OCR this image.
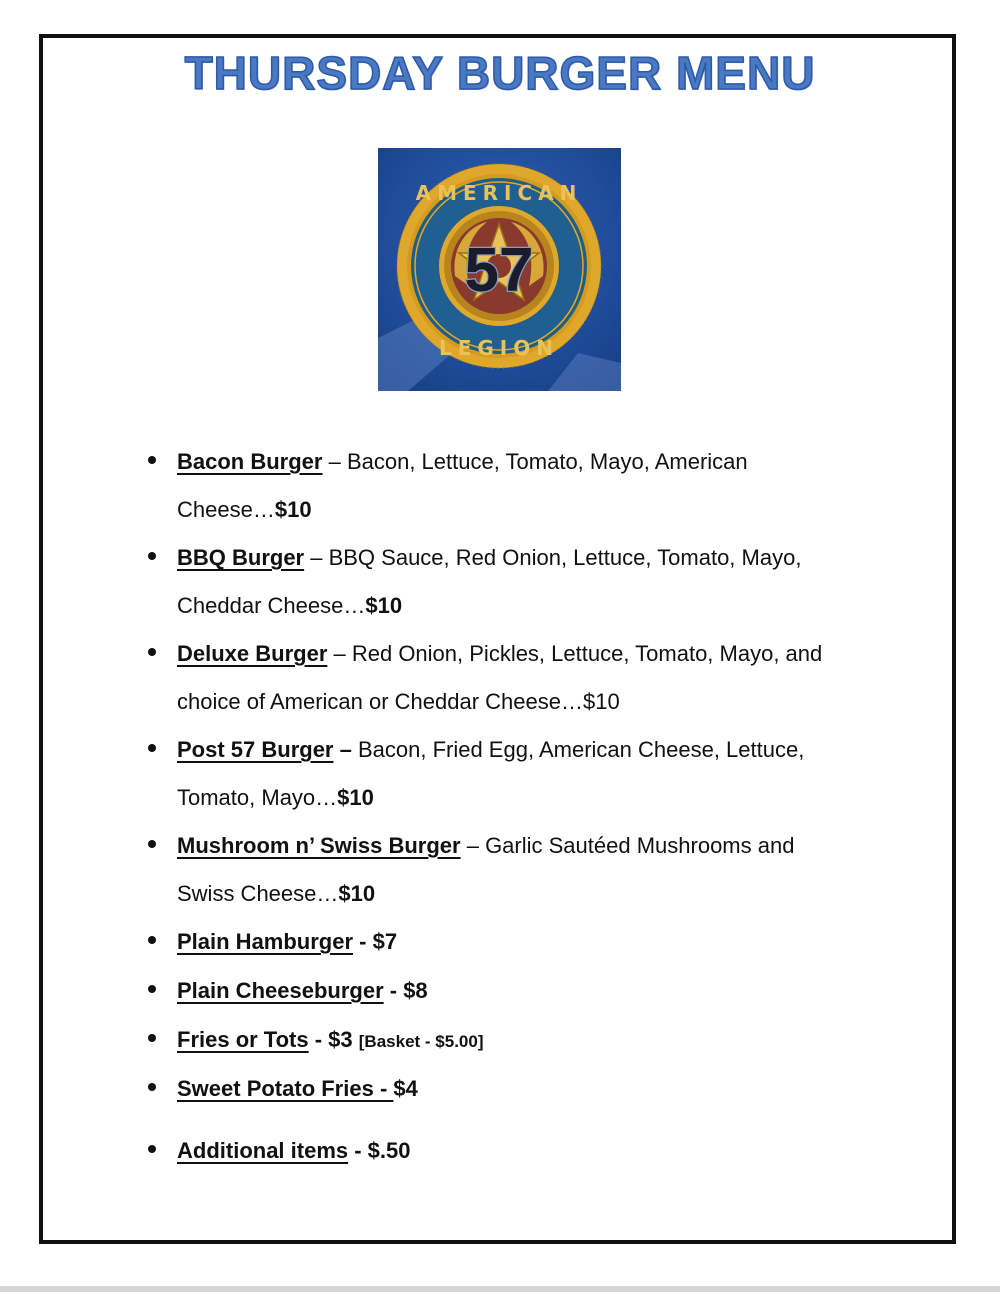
THURSDAY BURGER MENU
AMERICAN
LEGION
57
Bacon Burger – Bacon, Lettuce, Tomato, Mayo, American
Cheese…$10
BBQ Burger – BBQ Sauce, Red Onion, Lettuce, Tomato, Mayo,
Cheddar Cheese…$10
Deluxe Burger – Red Onion, Pickles, Lettuce, Tomato, Mayo, and
choice of American or Cheddar Cheese…$10
Post 57 Burger – Bacon, Fried Egg, American Cheese, Lettuce,
Tomato, Mayo…$10
Mushroom n’ Swiss Burger – Garlic Sautéed Mushrooms and
Swiss Cheese…$10
Plain Hamburger - $7
Plain Cheeseburger - $8
Fries or Tots - $3 [Basket - $5.00]
Sweet Potato Fries - $4
Additional items - $.50
